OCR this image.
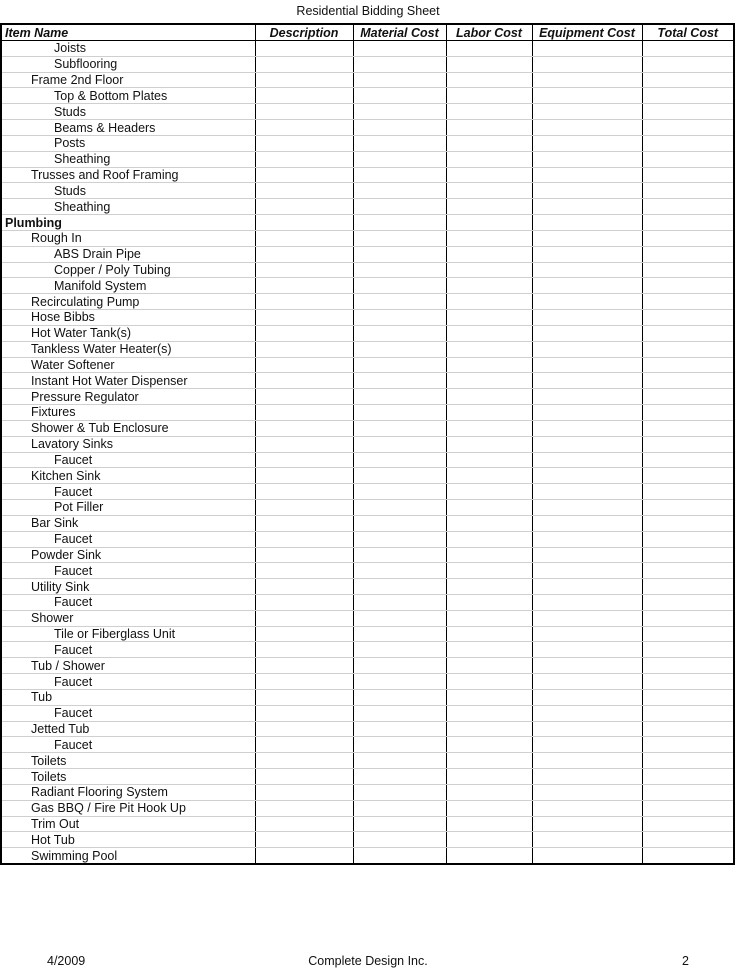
Residential Bidding Sheet
Item Name	Description	Material Cost	Labor Cost	Equipment Cost	Total Cost
Joists					
Subflooring					
Frame 2nd Floor					
Top & Bottom Plates					
Studs					
Beams & Headers					
Posts					
Sheathing					
Trusses and Roof Framing					
Studs					
Sheathing					
Plumbing					
Rough In					
ABS Drain Pipe					
Copper / Poly Tubing					
Manifold System					
Recirculating Pump					
Hose Bibbs					
Hot Water Tank(s)					
Tankless Water Heater(s)					
Water Softener					
Instant Hot Water Dispenser					
Pressure Regulator					
Fixtures					
Shower & Tub Enclosure					
Lavatory Sinks					
Faucet					
Kitchen Sink					
Faucet					
Pot Filler					
Bar Sink					
Faucet					
Powder Sink					
Faucet					
Utility Sink					
Faucet					
Shower					
Tile or Fiberglass Unit					
Faucet					
Tub / Shower					
Faucet					
Tub					
Faucet					
Jetted Tub					
Faucet					
Toilets					
Toilets					
Radiant Flooring System					
Gas BBQ / Fire Pit Hook Up					
Trim Out					
Hot Tub					
Swimming Pool					
4/2009	Complete Design Inc.	2
